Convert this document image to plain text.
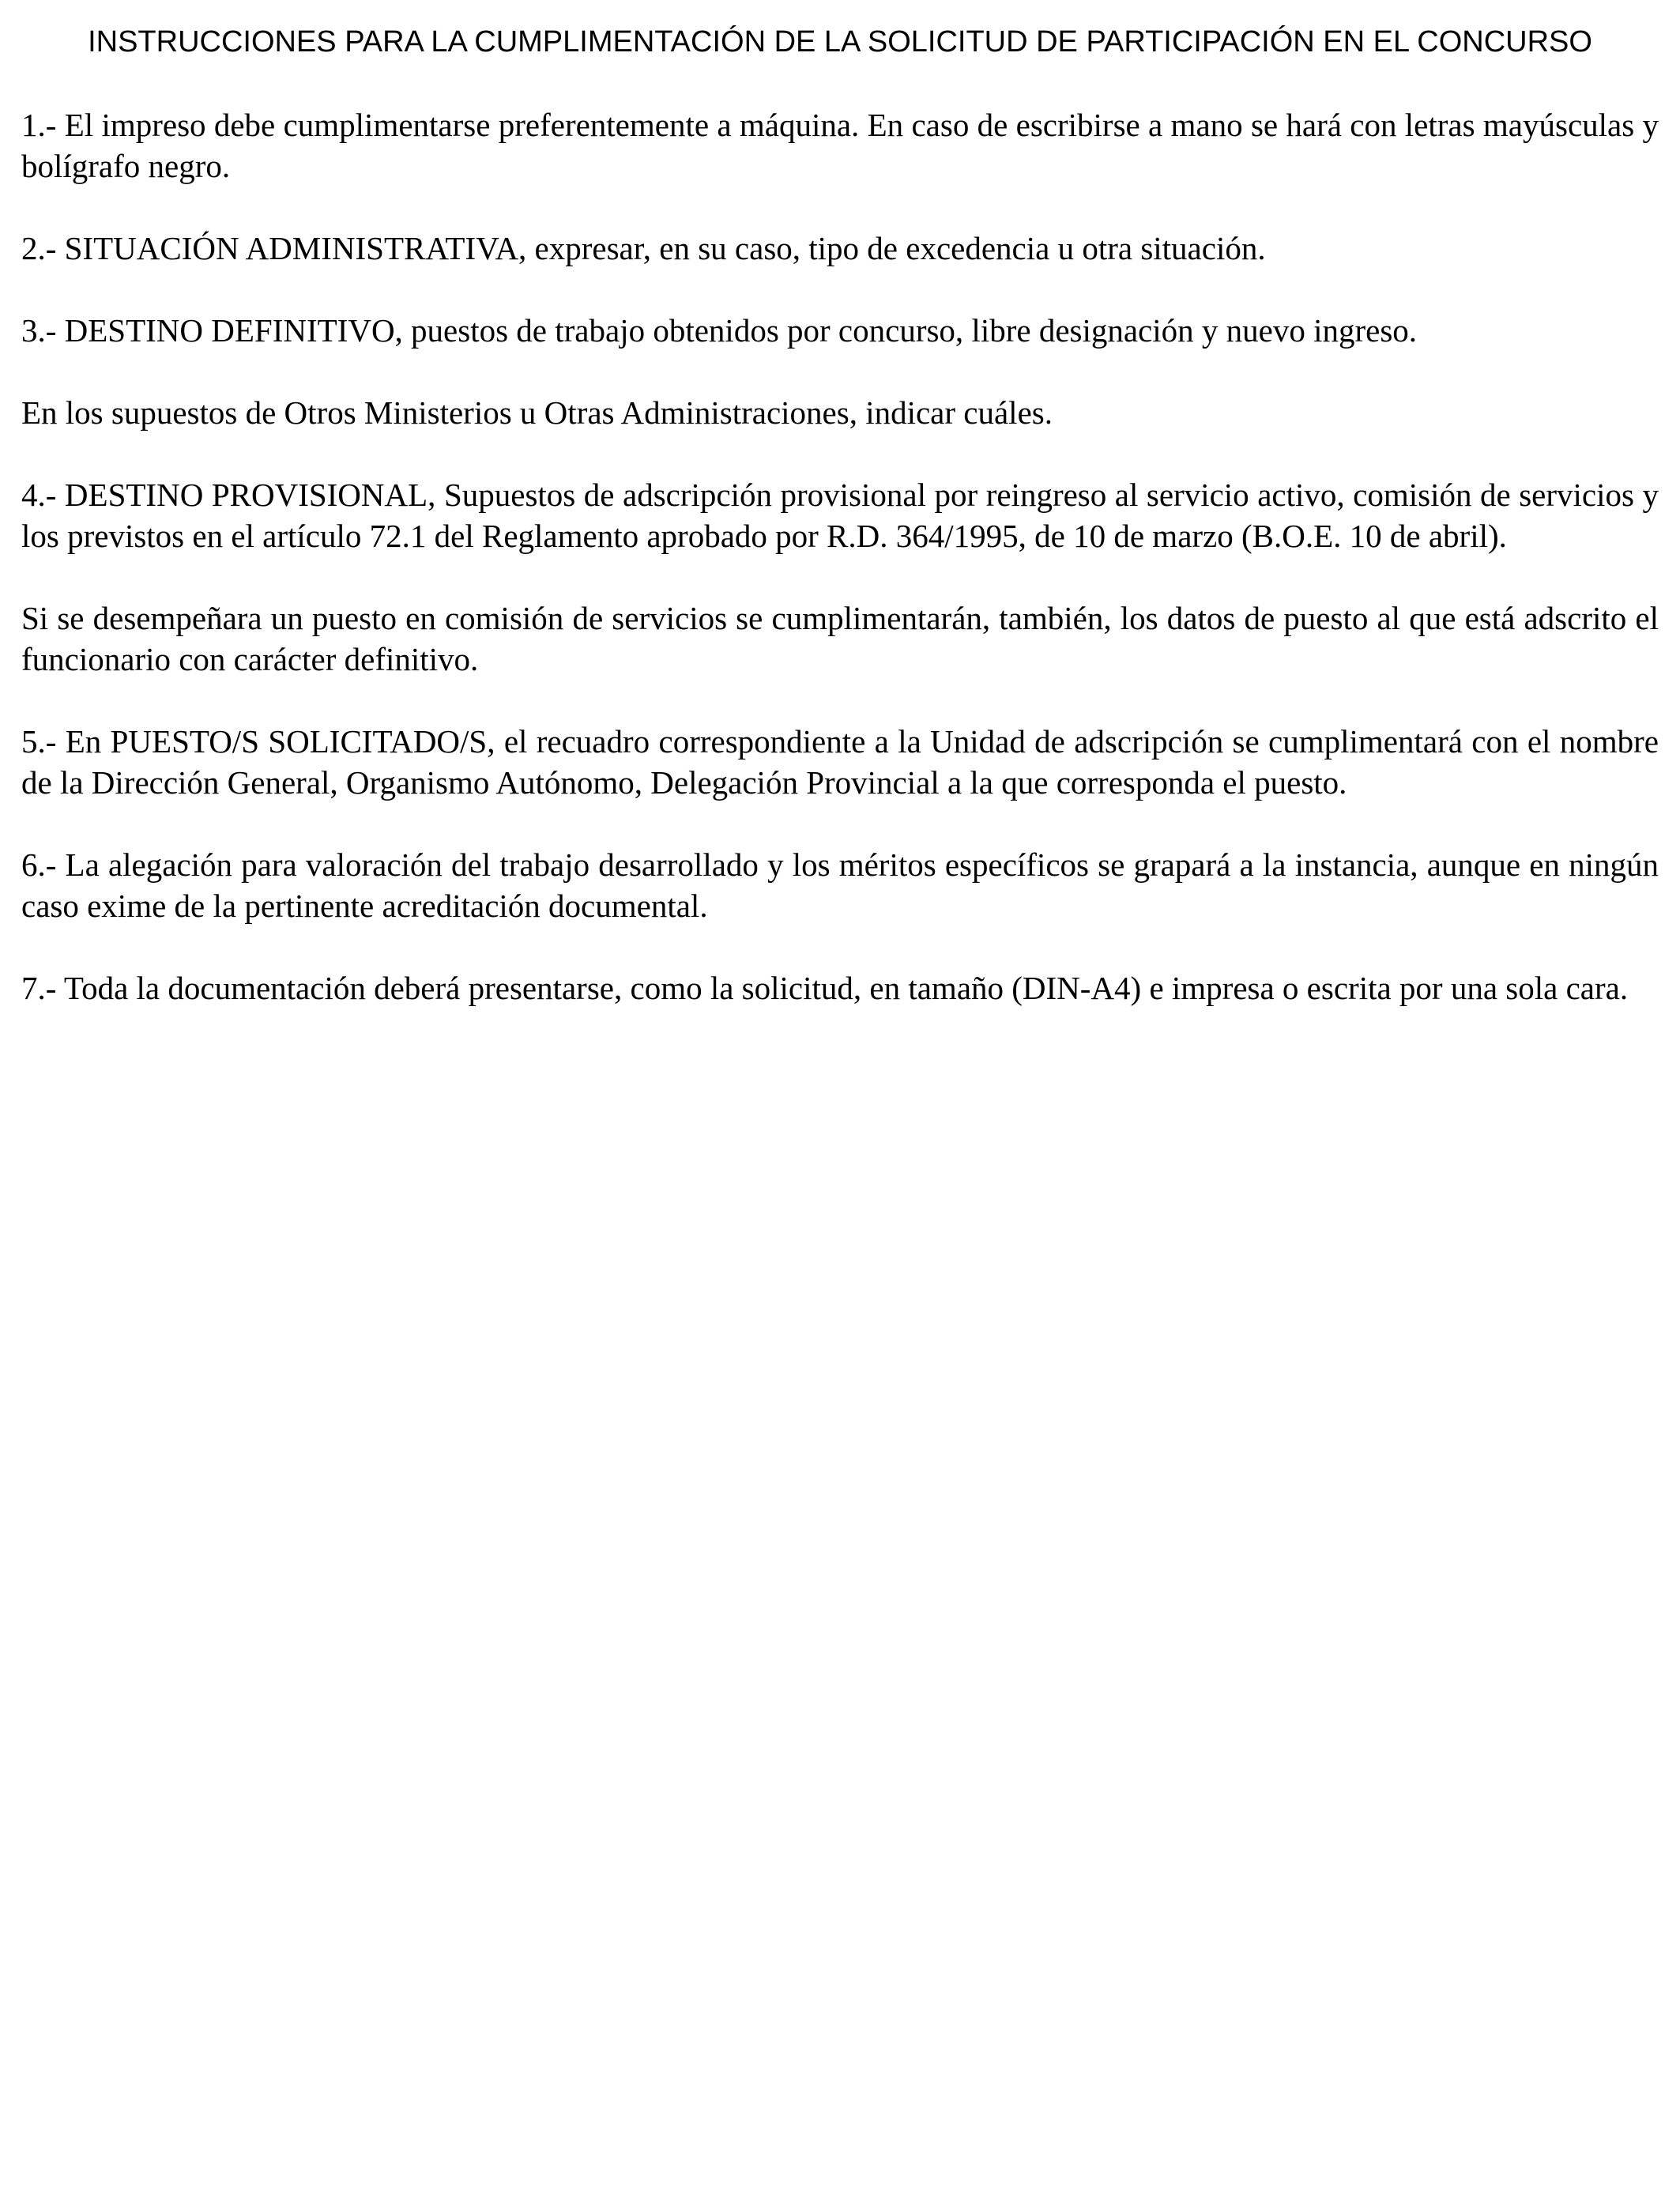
INSTRUCCIONES PARA LA CUMPLIMENTACIÓN DE LA SOLICITUD DE PARTICIPACIÓN EN EL CONCURSO

1.- El impreso debe cumplimentarse preferentemente a máquina. En caso de escribirse a mano se hará con letras mayúsculas y bolígrafo negro.

2.- SITUACIÓN ADMINISTRATIVA, expresar, en su caso, tipo de excedencia u otra situación.

3.- DESTINO DEFINITIVO, puestos de trabajo obtenidos por concurso, libre designación y nuevo ingreso.

En los supuestos de Otros Ministerios u Otras Administraciones, indicar cuáles.

4.- DESTINO PROVISIONAL, Supuestos de adscripción provisional por reingreso al servicio activo, comisión de servicios y los previstos en el artículo 72.1 del Reglamento aprobado por R.D. 364/1995, de 10 de marzo (B.O.E. 10 de abril).

Si se desempeñara un puesto en comisión de servicios se cumplimentarán, también, los datos de puesto al que está adscrito el funcionario con carácter definitivo.

5.- En PUESTO/S SOLICITADO/S, el recuadro correspondiente a la Unidad de adscripción se cumplimentará con el nombre de la Dirección General, Organismo Autónomo, Delegación Provincial a la que corresponda el puesto.

6.- La alegación para valoración del trabajo desarrollado y los méritos específicos se grapará a la instancia, aunque en ningún caso exime de la pertinente acreditación documental.

7.- Toda la documentación deberá presentarse, como la solicitud, en tamaño (DIN-A4) e impresa o escrita por una sola cara.
